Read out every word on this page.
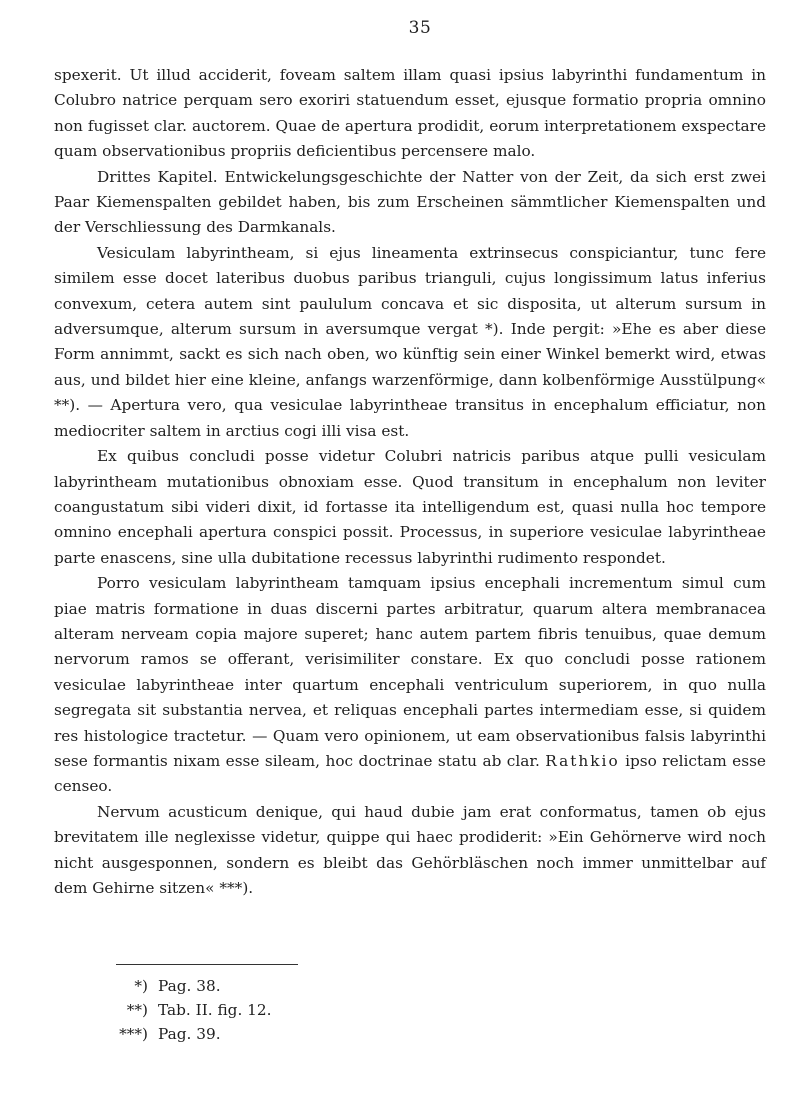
35

spexerit. Ut illud acciderit, foveam saltem illam quasi ipsius labyrinthi fundamentum in Colubro natrice perquam sero exoriri statuendum esset, ejusque formatio propria omnino non fugisset clar. auctorem. Quae de apertura prodidit, eorum interpretationem exspectare quam observationibus propriis deficientibus percensere malo.

Drittes Kapitel. Entwickelungsgeschichte der Natter von der Zeit, da sich erst zwei Paar Kiemenspalten gebildet haben, bis zum Erscheinen sämmtlicher Kiemenspalten und der Verschliessung des Darmkanals.

Vesiculam labyrintheam, si ejus lineamenta extrinsecus conspiciantur, tunc fere similem esse docet lateribus duobus paribus trianguli, cujus longissimum latus inferius convexum, cetera autem sint paululum concava et sic disposita, ut alterum sursum in adversumque, alterum sursum in aversumque vergat *). Inde pergit: »Ehe es aber diese Form annimmt, sackt es sich nach oben, wo künftig sein einer Winkel bemerkt wird, etwas aus, und bildet hier eine kleine, anfangs warzenförmige, dann kolbenförmige Ausstülpung« **). — Apertura vero, qua vesiculae labyrintheae transitus in encephalum efficiatur, non mediocriter saltem in arctius cogi illi visa est.

Ex quibus concludi posse videtur Colubri natricis paribus atque pulli vesiculam labyrintheam mutationibus obnoxiam esse. Quod transitum in encephalum non leviter coangustatum sibi videri dixit, id fortasse ita intelligendum est, quasi nulla hoc tempore omnino encephali apertura conspici possit. Processus, in superiore vesiculae labyrintheae parte enascens, sine ulla dubitatione recessus labyrinthi rudimento respondet.

Porro vesiculam labyrintheam tamquam ipsius encephali incrementum simul cum piae matris formatione in duas discerni partes arbitratur, quarum altera membranacea alteram nerveam copia majore superet; hanc autem partem fibris tenuibus, quae demum nervorum ramos se offerant, verisimiliter constare. Ex quo concludi posse rationem vesiculae labyrintheae inter quartum encephali ventriculum superiorem, in quo nulla segregata sit substantia nervea, et reliquas encephali partes intermediam esse, si quidem res histologice tractetur. — Quam vero opinionem, ut eam observationibus falsis labyrinthi sese formantis nixam esse sileam, hoc doctrinae statu ab clar. Rathkio ipso relictam esse censeo.

Nervum acusticum denique, qui haud dubie jam erat conformatus, tamen ob ejus brevitatem ille neglexisse videtur, quippe qui haec prodiderit: »Ein Gehörnerve wird noch nicht ausgesponnen, sondern es bleibt das Gehörbläschen noch immer unmittelbar auf dem Gehirne sitzen« ***).

*) Pag. 38.
**) Tab. II. fig. 12.
***) Pag. 39.
